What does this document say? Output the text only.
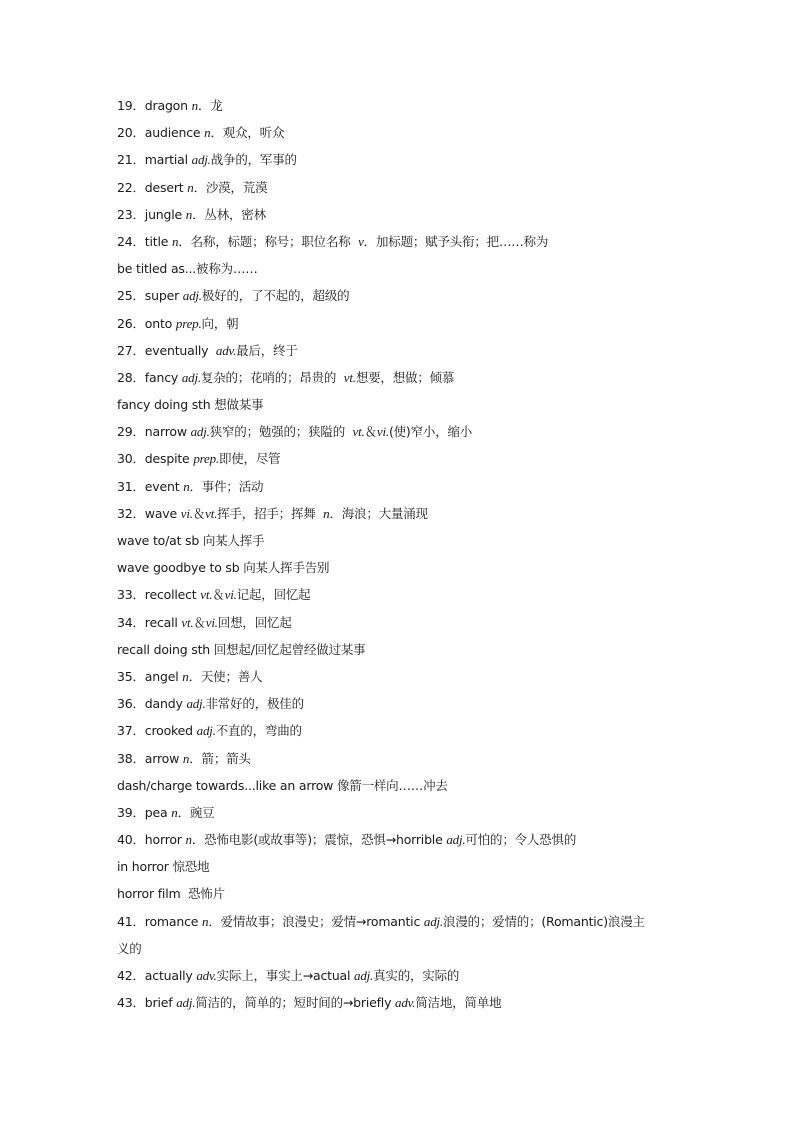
19．dragon n．龙
20．audience n．观众，听众
21．martial adj.战争的，军事的
22．desert n．沙漠，荒漠
23．jungle n．丛林，密林
24．title n．名称，标题；称号；职位名称  v．加标题；赋予头衔；把……称为
be titled as...被称为……
25．super adj.极好的，了不起的，超级的
26．onto prep.向，朝
27．eventually  adv.最后，终于
28．fancy adj.复杂的；花哨的；昂贵的  vt.想要，想做；倾慕
fancy doing sth 想做某事
29．narrow adj.狭窄的；勉强的；狭隘的  vt.＆vi.(使)窄小，缩小
30．despite prep.即使，尽管
31．event n．事件；活动
32．wave vi.＆vt.挥手，招手；挥舞  n．海浪；大量涌现
wave to/at sb 向某人挥手
wave goodbye to sb 向某人挥手告别
33．recollect vt.＆vi.记起，回忆起
34．recall vt.＆vi.回想，回忆起
recall doing sth 回想起/回忆起曾经做过某事
35．angel n．天使；善人
36．dandy adj.非常好的，极佳的
37．crooked adj.不直的，弯曲的
38．arrow n．箭；箭头
dash/charge towards...like an arrow 像箭一样向……冲去
39．pea n．豌豆
40．horror n．恐怖电影(或故事等)；震惊，恐惧→horrible adj.可怕的；令人恐惧的
in horror 惊恐地
horror film  恐怖片
41．romance n．爱情故事；浪漫史；爱情→romantic adj.浪漫的；爱情的；(Romantic)浪漫主
义的
42．actually adv.实际上，事实上→actual adj.真实的，实际的
43．brief adj.简洁的，简单的；短时间的→briefly adv.简洁地，简单地
